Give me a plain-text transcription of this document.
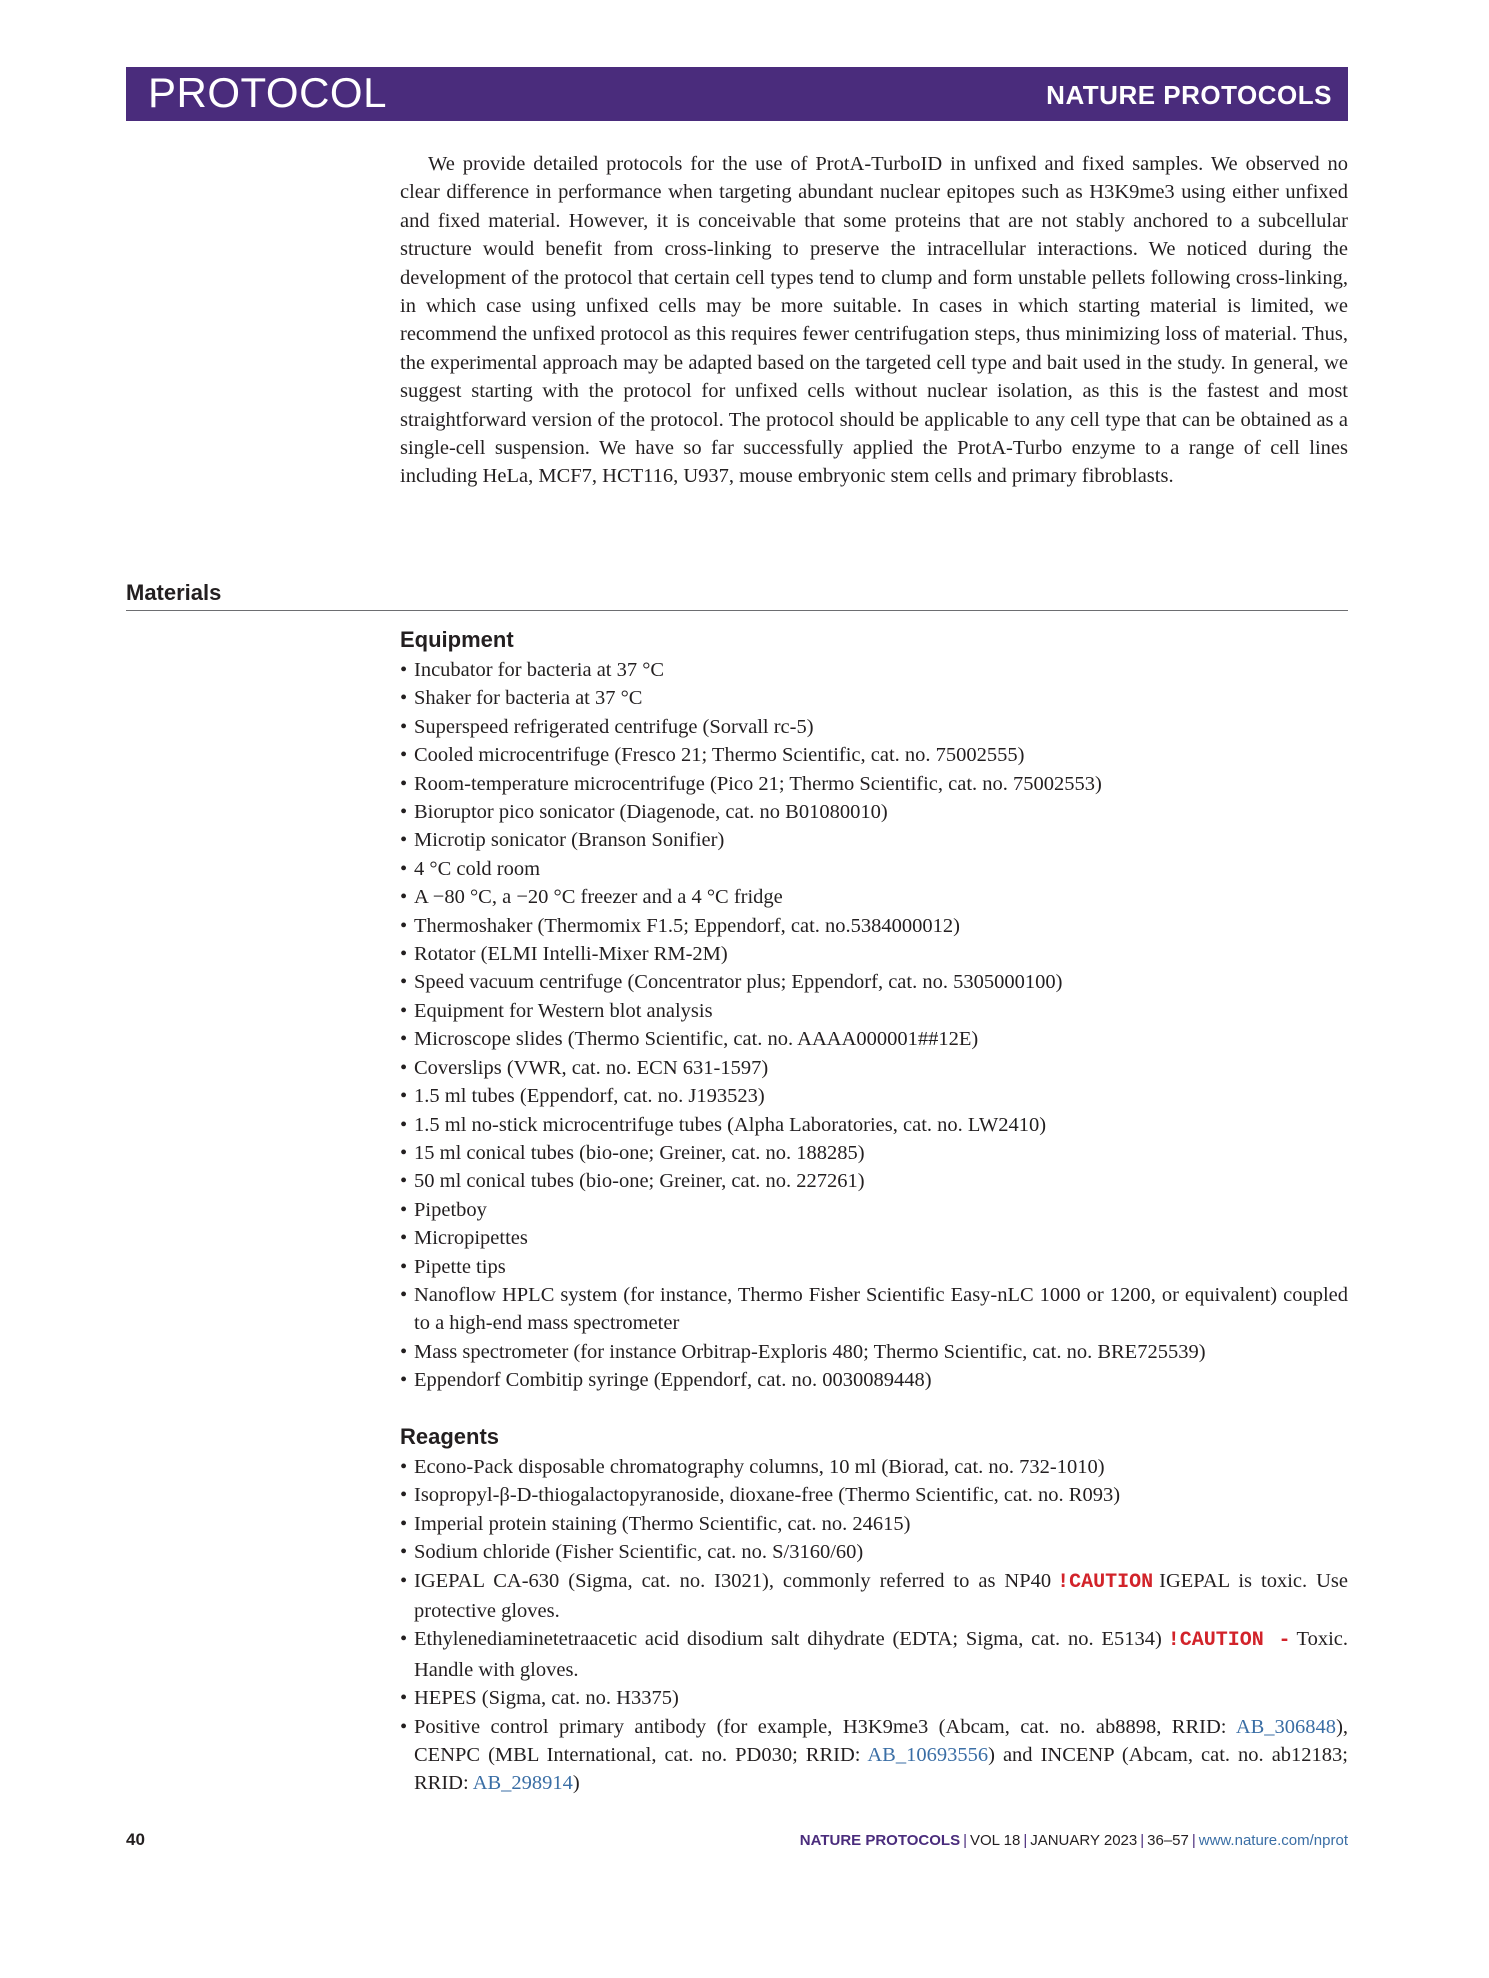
PROTOCOL	NATURE PROTOCOLS

We provide detailed protocols for the use of ProtA-TurboID in unfixed and fixed samples. We observed no clear difference in performance when targeting abundant nuclear epitopes such as H3K9me3 using either unfixed and fixed material. However, it is conceivable that some proteins that are not stably anchored to a subcellular structure would benefit from cross-linking to preserve the intracellular interactions. We noticed during the development of the protocol that certain cell types tend to clump and form unstable pellets following cross-linking, in which case using unfixed cells may be more suitable. In cases in which starting material is limited, we recommend the unfixed protocol as this requires fewer centrifugation steps, thus minimizing loss of material. Thus, the experimental approach may be adapted based on the targeted cell type and bait used in the study. In general, we suggest starting with the protocol for unfixed cells without nuclear isolation, as this is the fastest and most straightforward version of the protocol. The protocol should be applicable to any cell type that can be obtained as a single-cell suspension. We have so far successfully applied the ProtA-Turbo enzyme to a range of cell lines including HeLa, MCF7, HCT116, U937, mouse embryonic stem cells and primary fibroblasts.

Materials
Equipment
• Incubator for bacteria at 37 °C
• Shaker for bacteria at 37 °C
• Superspeed refrigerated centrifuge (Sorvall rc-5)
• Cooled microcentrifuge (Fresco 21; Thermo Scientific, cat. no. 75002555)
• Room-temperature microcentrifuge (Pico 21; Thermo Scientific, cat. no. 75002553)
• Bioruptor pico sonicator (Diagenode, cat. no B01080010)
• Microtip sonicator (Branson Sonifier)
• 4 °C cold room
• A −80 °C, a −20 °C freezer and a 4 °C fridge
• Thermoshaker (Thermomix F1.5; Eppendorf, cat. no.5384000012)
• Rotator (ELMI Intelli-Mixer RM-2M)
• Speed vacuum centrifuge (Concentrator plus; Eppendorf, cat. no. 5305000100)
• Equipment for Western blot analysis
• Microscope slides (Thermo Scientific, cat. no. AAAA000001##12E)
• Coverslips (VWR, cat. no. ECN 631-1597)
• 1.5 ml tubes (Eppendorf, cat. no. J193523)
• 1.5 ml no-stick microcentrifuge tubes (Alpha Laboratories, cat. no. LW2410)
• 15 ml conical tubes (bio-one; Greiner, cat. no. 188285)
• 50 ml conical tubes (bio-one; Greiner, cat. no. 227261)
• Pipetboy
• Micropipettes
• Pipette tips
• Nanoflow HPLC system (for instance, Thermo Fisher Scientific Easy-nLC 1000 or 1200, or equivalent) coupled to a high-end mass spectrometer
• Mass spectrometer (for instance Orbitrap-Exploris 480; Thermo Scientific, cat. no. BRE725539)
• Eppendorf Combitip syringe (Eppendorf, cat. no. 0030089448)
Reagents
• Econo-Pack disposable chromatography columns, 10 ml (Biorad, cat. no. 732-1010)
• Isopropyl-β-D-thiogalactopyranoside, dioxane-free (Thermo Scientific, cat. no. R093)
• Imperial protein staining (Thermo Scientific, cat. no. 24615)
• Sodium chloride (Fisher Scientific, cat. no. S/3160/60)
• IGEPAL CA-630 (Sigma, cat. no. I3021), commonly referred to as NP40 !CAUTION IGEPAL is toxic. Use protective gloves.
• Ethylenediaminetetraacetic acid disodium salt dihydrate (EDTA; Sigma, cat. no. E5134) !CAUTION - Toxic. Handle with gloves.
• HEPES (Sigma, cat. no. H3375)
• Positive control primary antibody (for example, H3K9me3 (Abcam, cat. no. ab8898, RRID: AB_306848), CENPC (MBL International, cat. no. PD030; RRID: AB_10693556) and INCENP (Abcam, cat. no. ab12183; RRID: AB_298914)
40	NATURE PROTOCOLS | VOL 18 | JANUARY 2023 | 36–57 | www.nature.com/nprot
